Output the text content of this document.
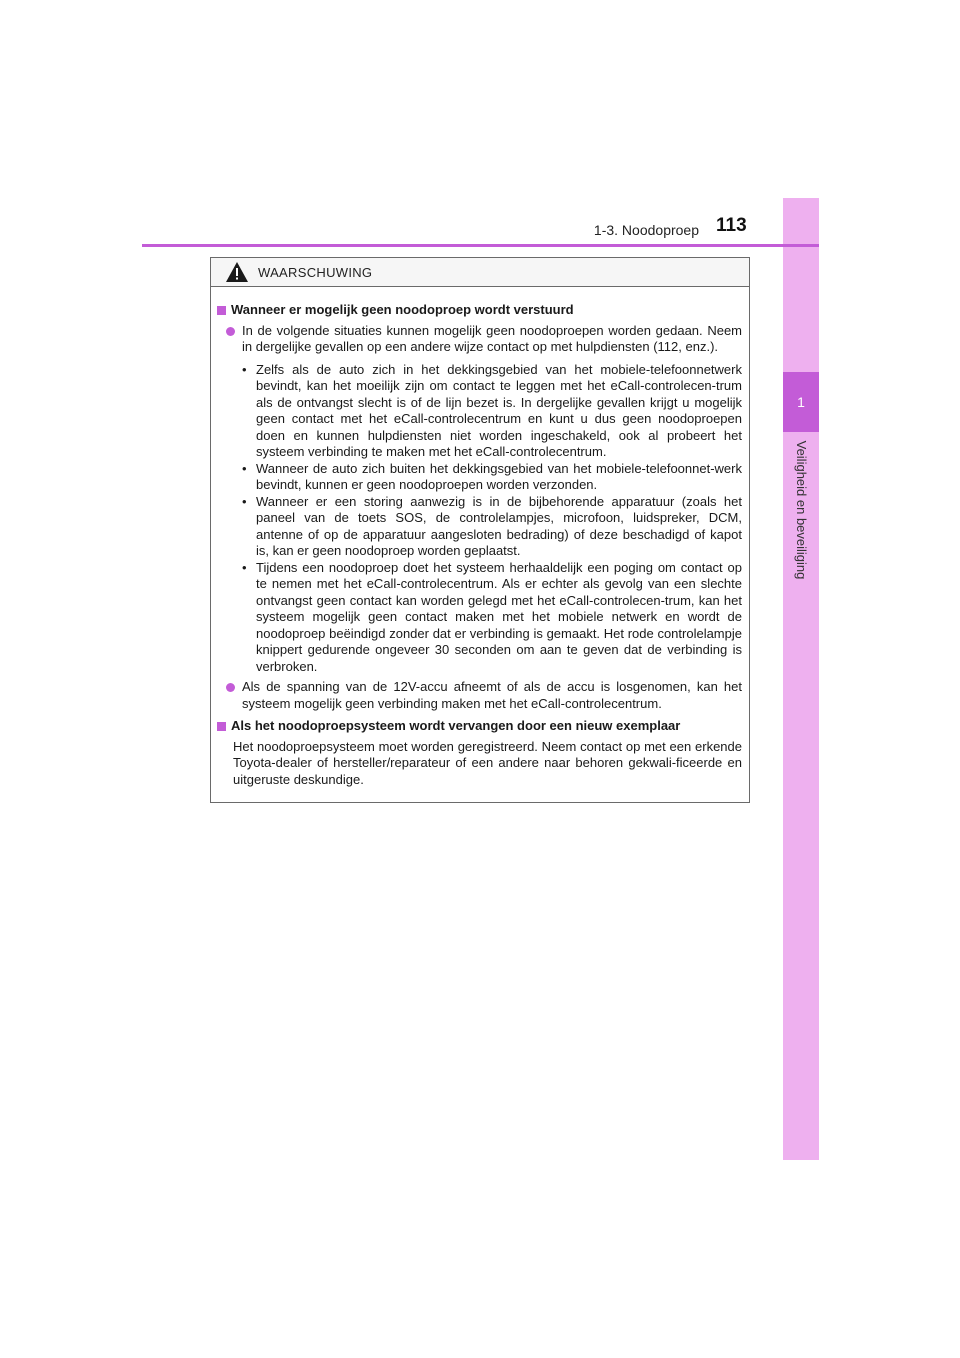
1
Veiligheid en beveiliging
1-3. Noodoproep 113
WAARSCHUWING
Wanneer er mogelijk geen noodoproep wordt verstuurd
In de volgende situaties kunnen mogelijk geen noodoproepen worden gedaan. Neem in dergelijke gevallen op een andere wijze contact op met hulpdiensten (112, enz.).
• Zelfs als de auto zich in het dekkingsgebied van het mobiele-telefoonnetwerk bevindt, kan het moeilijk zijn om contact te leggen met het eCall-controlecen-trum als de ontvangst slecht is of de lijn bezet is. In dergelijke gevallen krijgt u mogelijk geen contact met het eCall-controlecentrum en kunt u dus geen noodoproepen doen en kunnen hulpdiensten niet worden ingeschakeld, ook al probeert het systeem verbinding te maken met het eCall-controlecentrum.
• Wanneer de auto zich buiten het dekkingsgebied van het mobiele-telefoonnet-werk bevindt, kunnen er geen noodoproepen worden verzonden.
• Wanneer er een storing aanwezig is in de bijbehorende apparatuur (zoals het paneel van de toets SOS, de controlelampjes, microfoon, luidspreker, DCM, antenne of op de apparatuur aangesloten bedrading) of deze beschadigd of kapot is, kan er geen noodoproep worden geplaatst.
• Tijdens een noodoproep doet het systeem herhaaldelijk een poging om contact op te nemen met het eCall-controlecentrum. Als er echter als gevolg van een slechte ontvangst geen contact kan worden gelegd met het eCall-controlecen-trum, kan het systeem mogelijk geen contact maken met het mobiele netwerk en wordt de noodoproep beëindigd zonder dat er verbinding is gemaakt. Het rode controlelampje knippert gedurende ongeveer 30 seconden om aan te geven dat de verbinding is verbroken.
Als de spanning van de 12V-accu afneemt of als de accu is losgenomen, kan het systeem mogelijk geen verbinding maken met het eCall-controlecentrum.
Als het noodoproepsysteem wordt vervangen door een nieuw exemplaar
Het noodoproepsysteem moet worden geregistreerd. Neem contact op met een erkende Toyota-dealer of hersteller/reparateur of een andere naar behoren gekwali-ficeerde en uitgeruste deskundige.
